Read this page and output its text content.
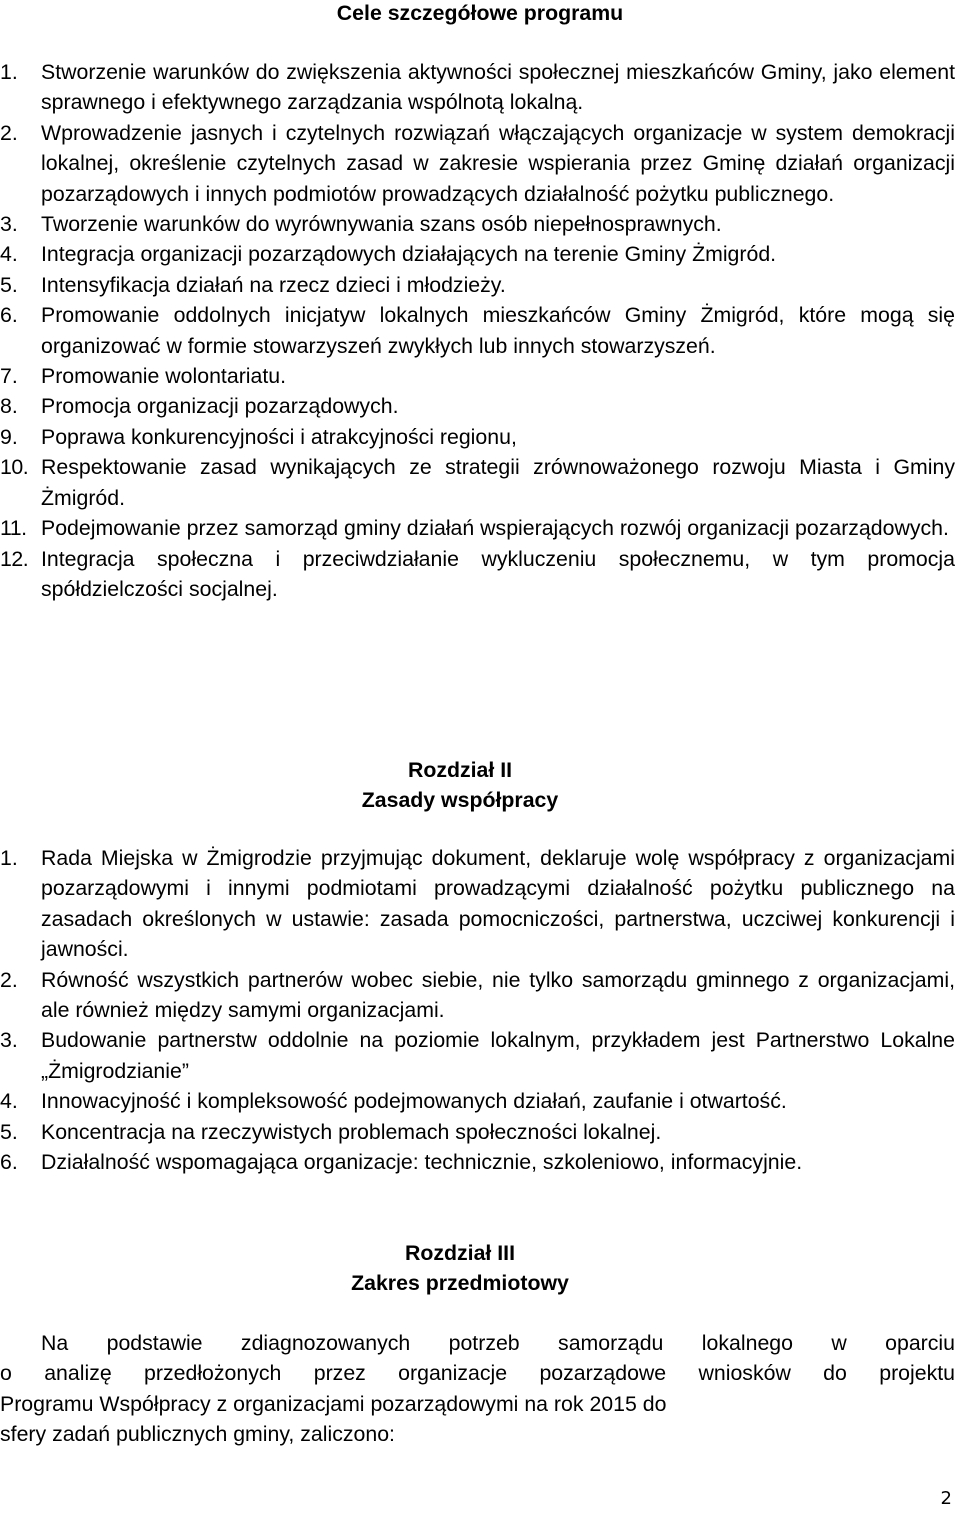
Cele szczegółowe programu

1.	Stworzenie warunków do zwiększenia aktywności społecznej mieszkańców Gminy, jako element sprawnego i efektywnego zarządzania wspólnotą lokalną.
2.	Wprowadzenie jasnych i czytelnych rozwiązań włączających organizacje w system demokracji lokalnej, określenie czytelnych zasad w zakresie wspierania przez Gminę działań organizacji pozarządowych i innych podmiotów prowadzących działalność pożytku publicznego.
3.	Tworzenie warunków do wyrównywania szans osób niepełnosprawnych.
4.	Integracja organizacji pozarządowych działających na terenie Gminy Żmigród.
5.	Intensyfikacja działań na rzecz dzieci i młodzieży.
6.	Promowanie oddolnych inicjatyw lokalnych mieszkańców Gminy Żmigród, które mogą się organizować w formie stowarzyszeń zwykłych lub innych stowarzyszeń.
7.	Promowanie wolontariatu.
8.	Promocja organizacji pozarządowych.
9.	Poprawa konkurencyjności i atrakcyjności regionu,
10. Respektowanie zasad wynikających ze strategii zrównoważonego rozwoju Miasta i Gminy Żmigród.
11. Podejmowanie przez samorząd gminy działań wspierających rozwój organizacji pozarządowych.
12. Integracja społeczna i przeciwdziałanie wykluczeniu społecznemu, w tym promocja spółdzielczości socjalnej.

Rozdział II

Zasady współpracy

1.	Rada Miejska w Żmigrodzie przyjmując dokument, deklaruje wolę współpracy z organizacjami pozarządowymi i innymi podmiotami prowadzącymi działalność pożytku publicznego na zasadach określonych w ustawie: zasada pomocniczości, partnerstwa, uczciwej konkurencji i jawności.
2.	Równość wszystkich partnerów wobec siebie, nie tylko samorządu gminnego z organizacjami, ale również między samymi organizacjami.
3.	Budowanie partnerstw oddolnie na poziomie lokalnym, przykładem jest Partnerstwo Lokalne „Żmigrodzianie”
4.	Innowacyjność i kompleksowość podejmowanych działań, zaufanie i otwartość.
5.	Koncentracja na rzeczywistych problemach społeczności lokalnej.
6.	Działalność wspomagająca organizacje: technicznie, szkoleniowo, informacyjnie.

Rozdział III

Zakres przedmiotowy

Na podstawie zdiagnozowanych potrzeb samorządu lokalnego w oparciu
o analizę przedłożonych przez organizacje pozarządowe wniosków do projektu
Programu Współpracy z organizacjami pozarządowymi na rok 2015 do
sfery zadań publicznych gminy, zaliczono:
2
